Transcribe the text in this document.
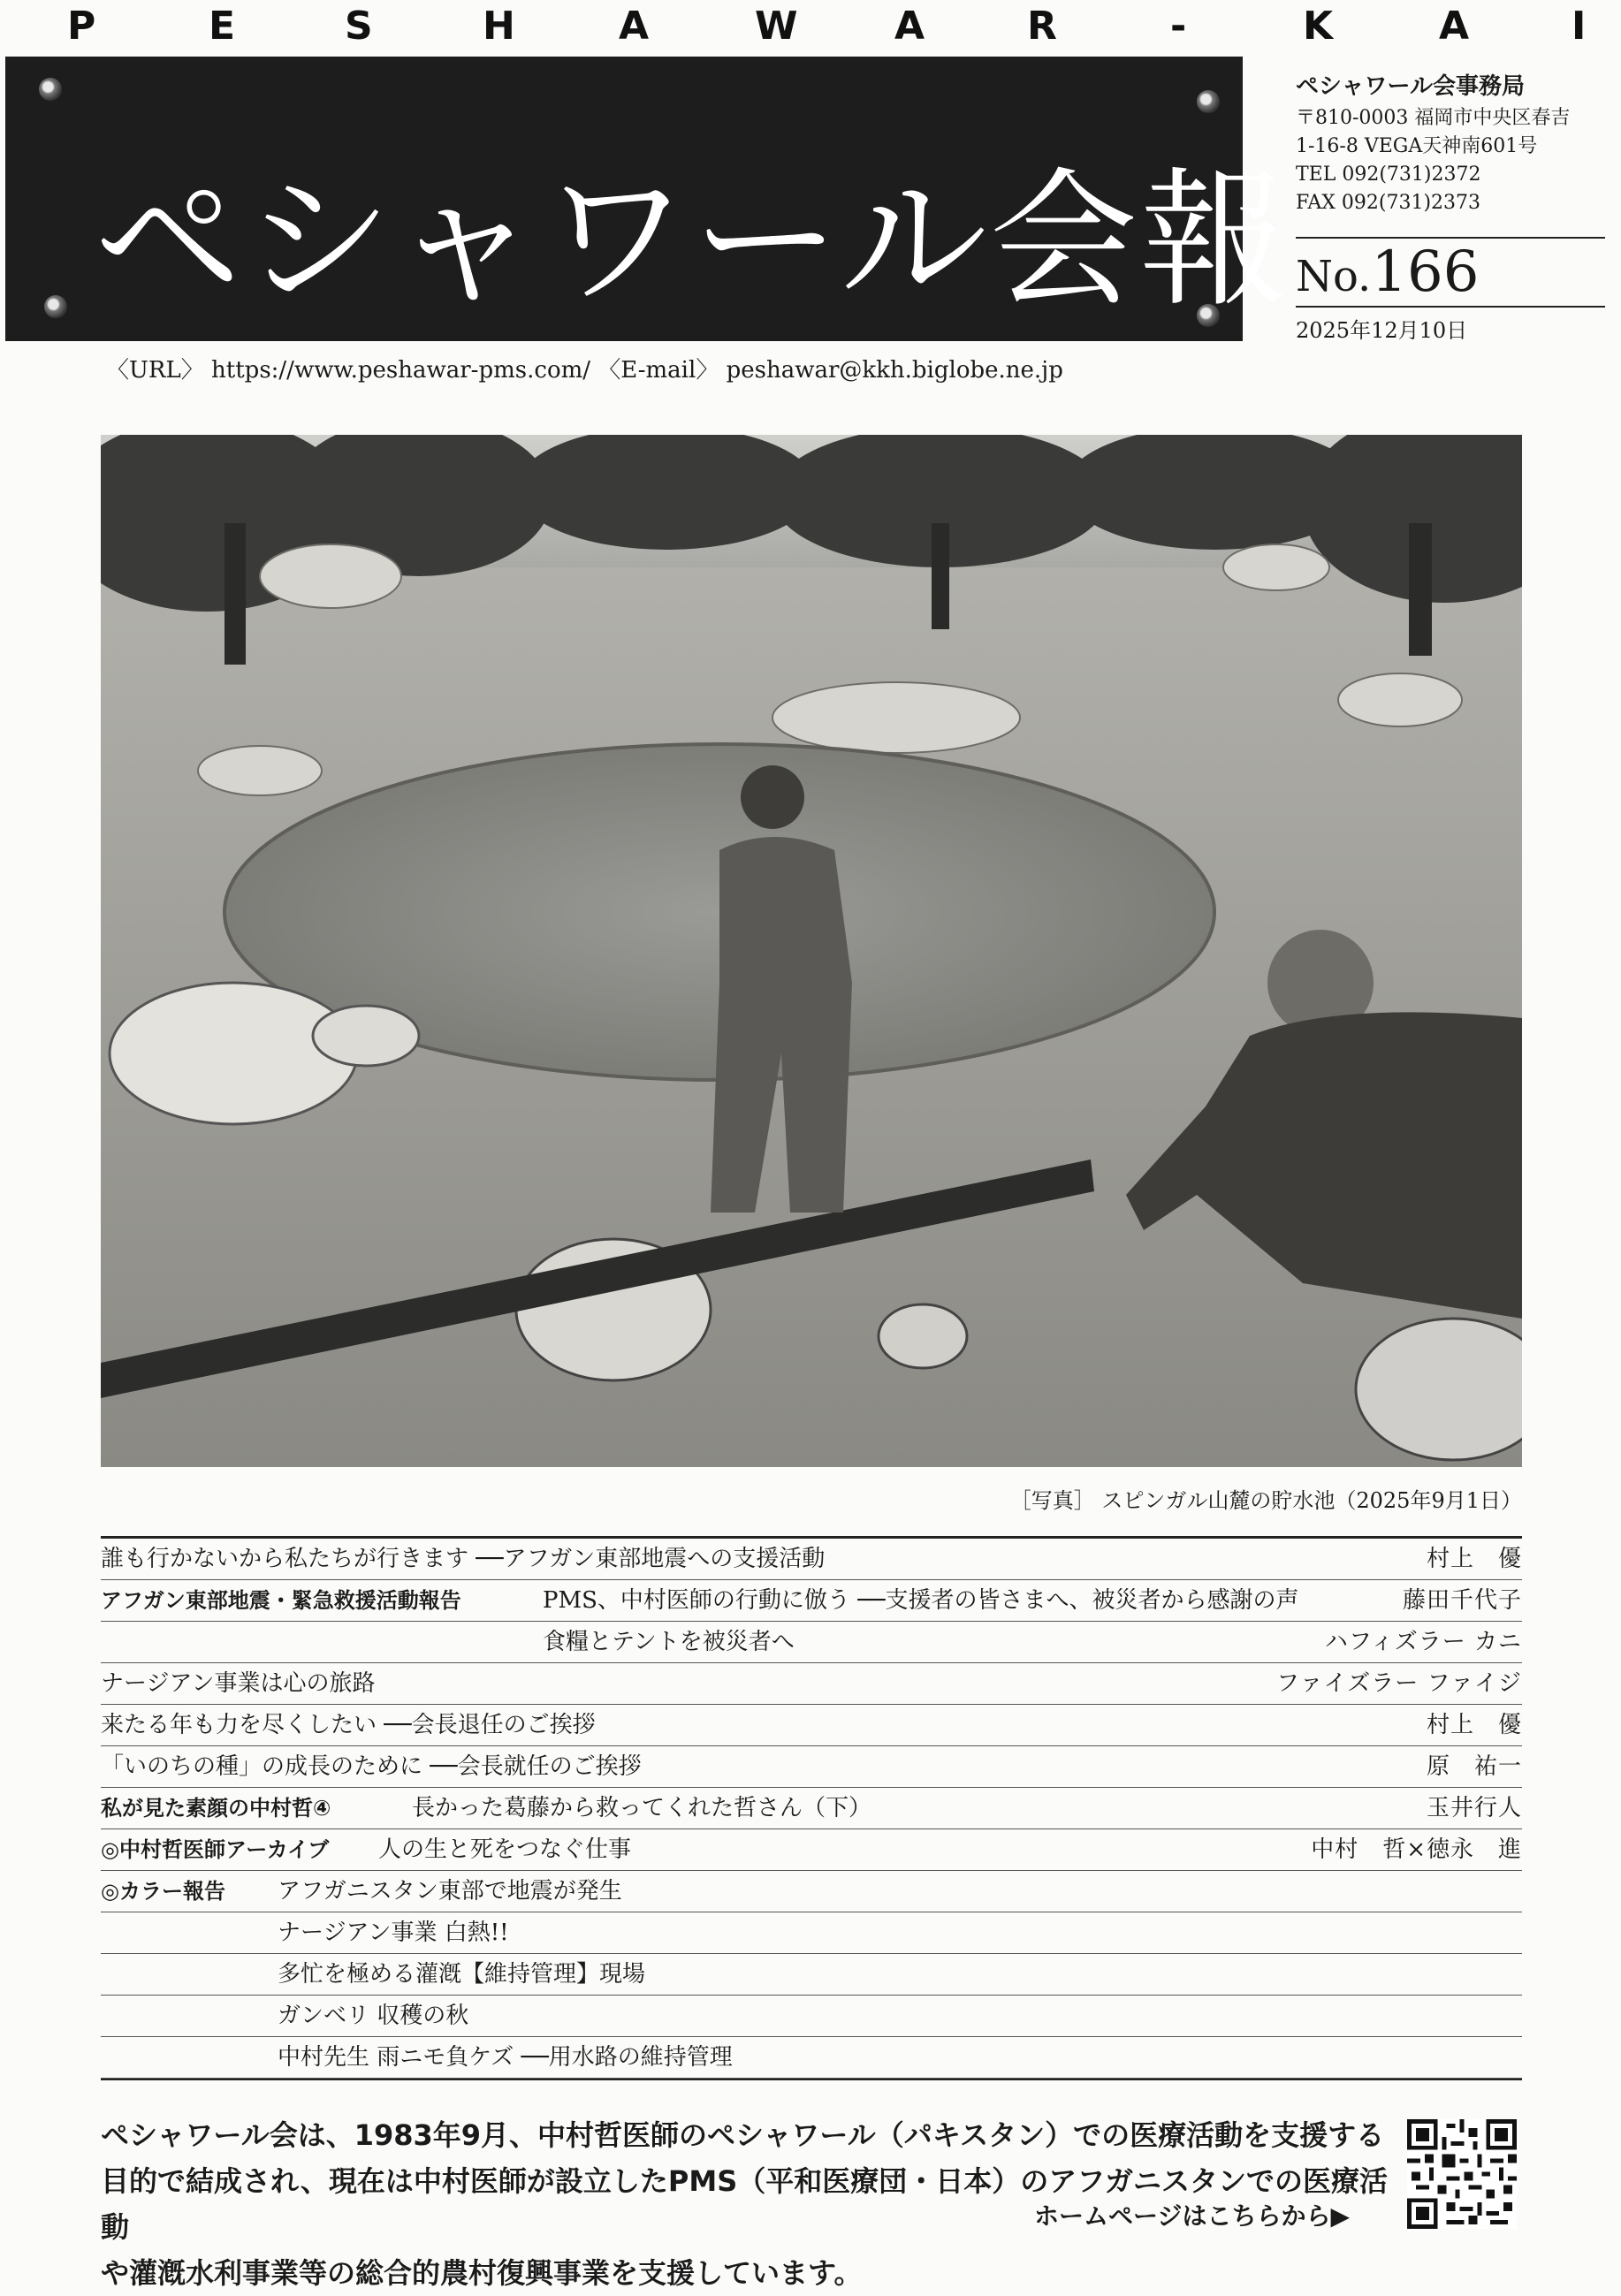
P	E	S	H	A	W A	R	-	K	A	I
ペシャワール会報
ペシャワール会事務局
〒810-0003 福岡市中央区春吉
1-16-8 VEGA天神南601号
TEL 092(731)2372
FAX 092(731)2373
No.166
2025年12月10日
〈URL〉 https://www.peshawar-pms.com/ 〈E-mail〉 peshawar@kkh.biglobe.ne.jp
［写真］ スピンガル山麓の貯水池（2025年9月1日）
誰も行かないから私たちが行きます ──アフガン東部地震への支援活動	村上　優
アフガン東部地震・緊急救援活動報告	PMS、中村医師の行動に倣う ──支援者の皆さまへ、被災者から感謝の声	藤田千代子
食糧とテントを被災者へ	ハフィズラー カニ
ナージアン事業は心の旅路	ファイズラー ファイジ
来たる年も力を尽くしたい ──会長退任のご挨拶	村上　優
「いのちの種」の成長のために ──会長就任のご挨拶	原　祐一
私が見た素顔の中村哲④	長かった葛藤から救ってくれた哲さん（下）	玉井行人
◎中村哲医師アーカイブ 人の生と死をつなぐ仕事	中村　哲×徳永　進
◎カラー報告 アフガニスタン東部で地震が発生
ナージアン事業 白熱!!
多忙を極める灌漑【維持管理】現場
ガンベリ 収穫の秋
中村先生 雨ニモ負ケズ ──用水路の維持管理
ペシャワール会は、1983年9月、中村哲医師のペシャワール（パキスタン）での医療活動を支援する
目的で結成され、現在は中村医師が設立したPMS（平和医療団・日本）のアフガニスタンでの医療活動
や灌漑水利事業等の総合的農村復興事業を支援しています。
ホームページはこちらから▶
